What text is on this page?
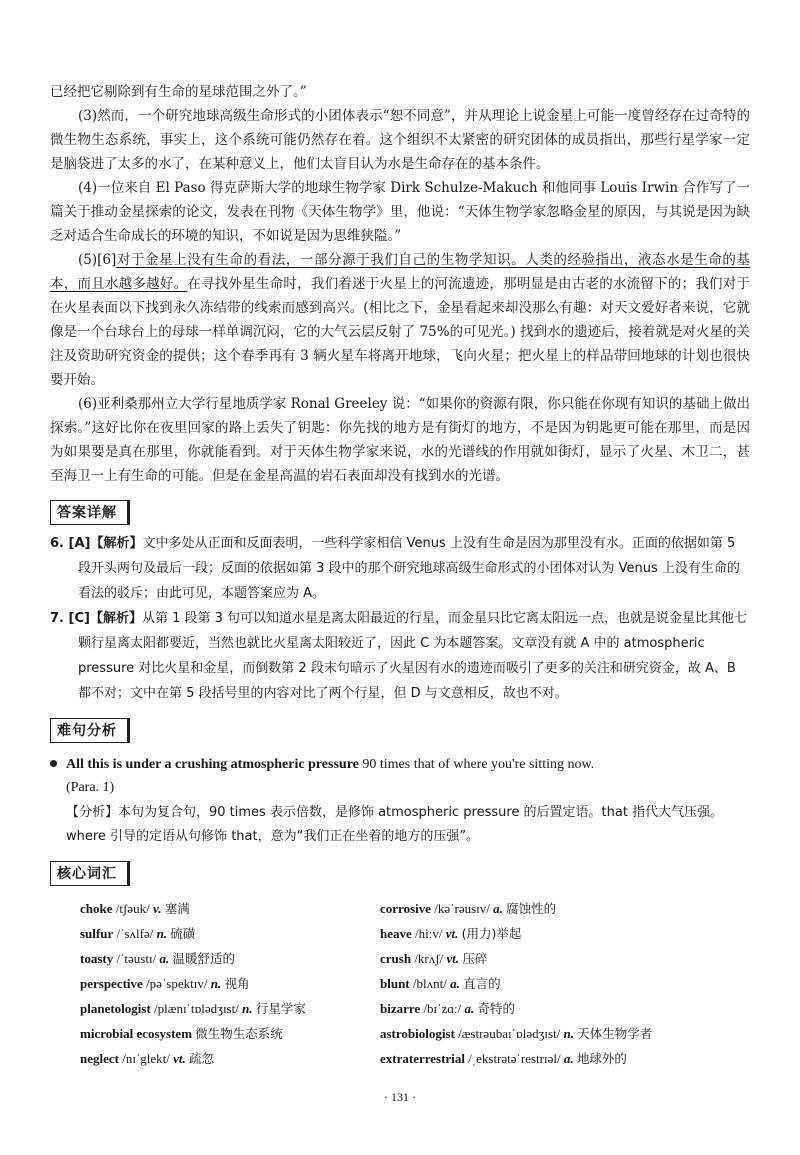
已经把它剔除到有生命的星球范围之外了。”

(3)然而，一个研究地球高级生命形式的小团体表示“恕不同意”，并从理论上说金星上可能一度曾经存在过奇特的微生物生态系统，事实上，这个系统可能仍然存在着。这个组织不太紧密的研究团体的成员指出，那些行星学家一定是脑袋进了太多的水了，在某种意义上，他们太盲目认为水是生命存在的基本条件。

(4)一位来自 El Paso 得克萨斯大学的地球生物学家 Dirk Schulze-Makuch 和他同事 Louis Irwin 合作写了一篇关于推动金星探索的论文，发表在刊物《天体生物学》里，他说：“天体生物学家忽略金星的原因，与其说是因为缺乏对适合生命成长的环境的知识，不如说是因为思维狭隘。”

(5)[6]对于金星上没有生命的看法，一部分源于我们自己的生物学知识。人类的经验指出，液态水是生命的基本，而且水越多越好。在寻找外星生命时，我们着迷于火星上的河流遗迹，那明显是由古老的水流留下的；我们对于在火星表面以下找到永久冻结带的线索而感到高兴。(相比之下，金星看起来却没那么有趣：对天文爱好者来说，它就像是一个台球台上的母球一样单调沉闷，它的大气云层反射了 75%的可见光。) 找到水的遗迹后，接着就是对火星的关注及资助研究资金的提供；这个春季再有 3 辆火星车将离开地球，飞向火星；把火星上的样品带回地球的计划也很快要开始。

(6)亚利桑那州立大学行星地质学家 Ronal Greeley 说：“如果你的资源有限，你只能在你现有知识的基础上做出探索。”这好比你在夜里回家的路上丢失了钥匙：你先找的地方是有街灯的地方，不是因为钥匙更可能在那里，而是因为如果要是真在那里，你就能看到。对于天体生物学家来说，水的光谱线的作用就如街灯，显示了火星、木卫二，甚至海卫一上有生命的可能。但是在金星高温的岩石表面却没有找到水的光谱。

答案详解

6. [A]【解析】文中多处从正面和反面表明，一些科学家相信 Venus 上没有生命是因为那里没有水。正面的依据如第 5 段开头两句及最后一段；反面的依据如第 3 段中的那个研究地球高级生命形式的小团体对认为 Venus 上没有生命的看法的驳斥；由此可见，本题答案应为 A。

7. [C]【解析】从第 1 段第 3 句可以知道水星是离太阳最近的行星，而金星只比它离太阳远一点，也就是说金星比其他七颗行星离太阳都要近，当然也就比火星离太阳较近了，因此 C 为本题答案。文章没有就 A 中的 atmospheric pressure 对比火星和金星，而倒数第 2 段末句暗示了火星因有水的遗迹而吸引了更多的关注和研究资金，故 A、B 都不对；文中在第 5 段括号里的内容对比了两个行星，但 D 与文意相反，故也不对。

难句分析

All this is under a crushing atmospheric pressure 90 times that of where you're sitting now.
(Para. 1)

【分析】本句为复合句，90 times 表示倍数，是修饰 atmospheric pressure 的后置定语。that 指代大气压强。where 引导的定语从句修饰 that，意为“我们正在坐着的地方的压强”。

核心词汇
choke /tʃəuk/ v. 塞满	corrosive /kəˈrəusɪv/ a. 腐蚀性的
sulfur /ˈsʌlfə/ n. 硫磺	heave /hiːv/ vt. (用力)举起
toasty /ˈtəustɪ/ a. 温暖舒适的	crush /krʌʃ/ vt. 压碎
perspective /pəˈspektɪv/ n. 视角	blunt /blʌnt/ a. 直言的
planetologist /plænɪˈtɒlədʒɪst/ n. 行星学家	bizarre /bɪˈzɑː/ a. 奇特的
microbial ecosystem 微生物生态系统	astrobiologist /æstrəubaɪˈɒlədʒɪst/ n. 天体生物学者
neglect /nɪˈglekt/ vt. 疏忽	extraterrestrial /ˌekstrətəˈrestrɪəl/ a. 地球外的
· 131 ·
